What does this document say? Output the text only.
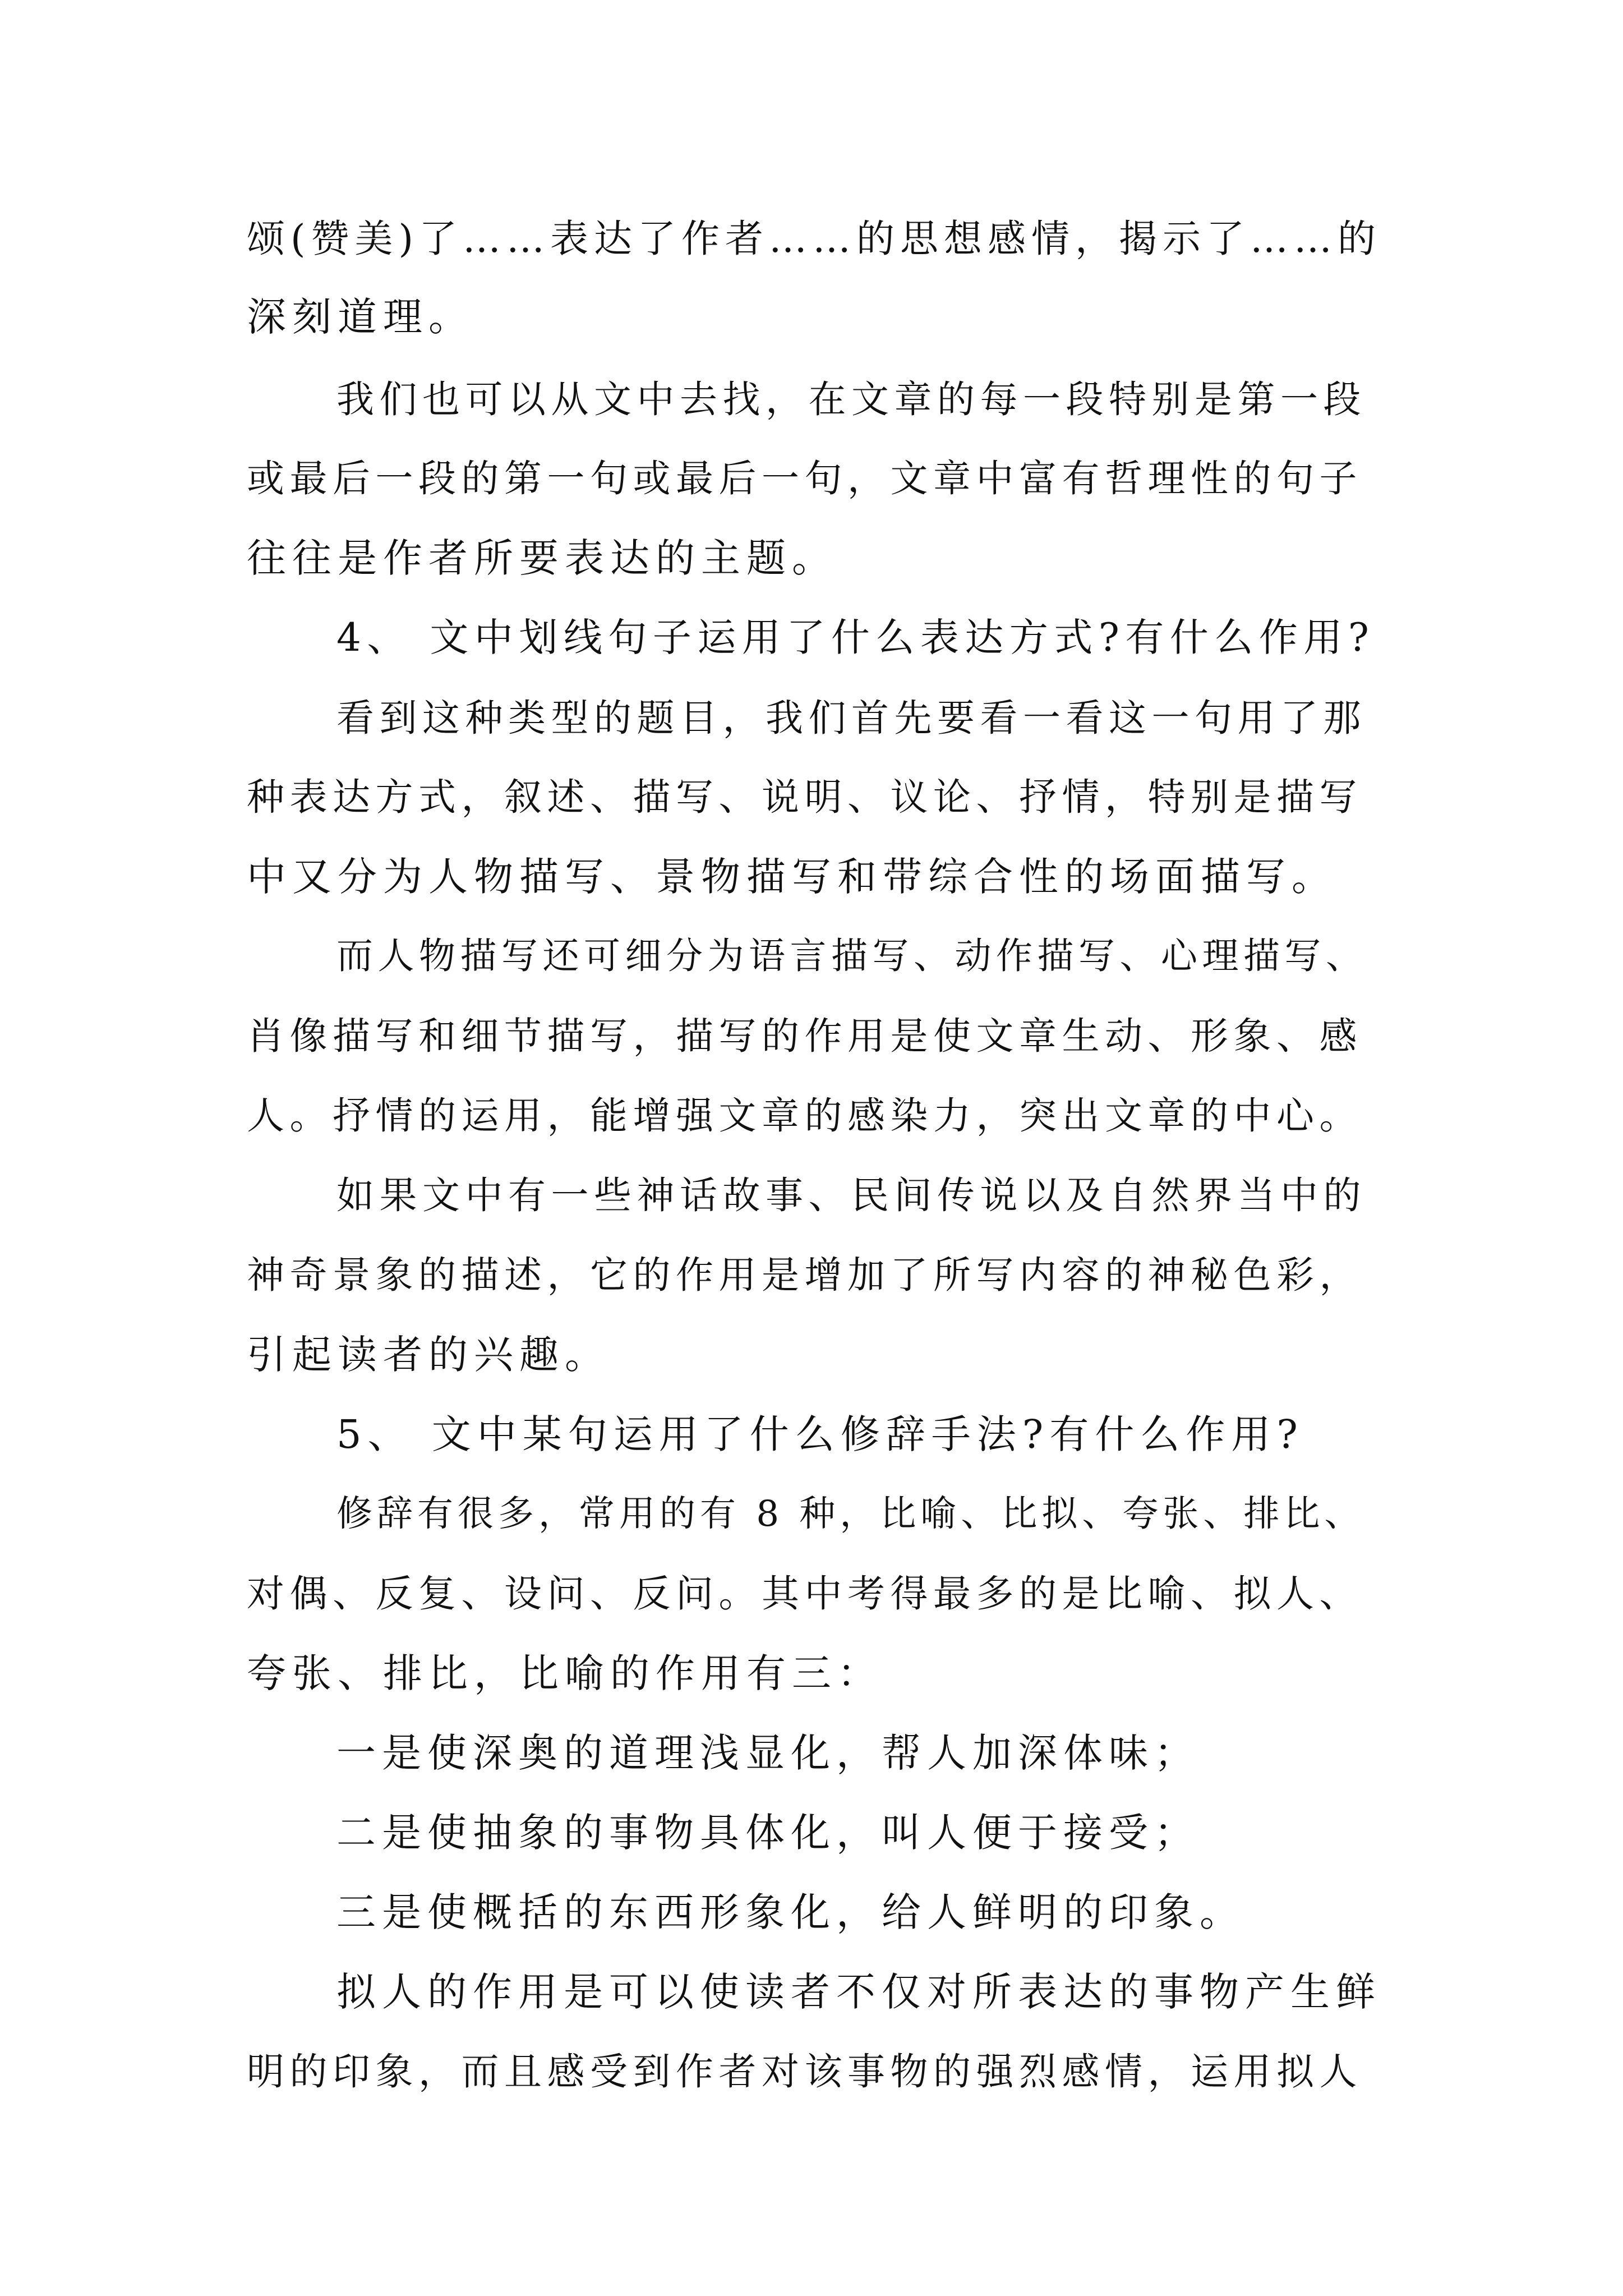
颂(赞美)了……表达了作者……的思想感情，揭示了……的
深刻道理。
我们也可以从文中去找，在文章的每一段特别是第一段
或最后一段的第一句或最后一句，文章中富有哲理性的句子
往往是作者所要表达的主题。
4、 文中划线句子运用了什么表达方式?有什么作用?
看到这种类型的题目，我们首先要看一看这一句用了那
种表达方式，叙述、描写、说明、议论、抒情，特别是描写
中又分为人物描写、景物描写和带综合性的场面描写。
而人物描写还可细分为语言描写、动作描写、心理描写、
肖像描写和细节描写，描写的作用是使文章生动、形象、感
人。抒情的运用，能增强文章的感染力，突出文章的中心。
如果文中有一些神话故事、民间传说以及自然界当中的
神奇景象的描述，它的作用是增加了所写内容的神秘色彩，
引起读者的兴趣。
5、 文中某句运用了什么修辞手法?有什么作用?
修辞有很多，常用的有 8 种，比喻、比拟、夸张、排比、
对偶、反复、设问、反问。其中考得最多的是比喻、拟人、
夸张、排比，比喻的作用有三：
一是使深奥的道理浅显化，帮人加深体味；
二是使抽象的事物具体化，叫人便于接受；
三是使概括的东西形象化，给人鲜明的印象。
拟人的作用是可以使读者不仅对所表达的事物产生鲜
明的印象，而且感受到作者对该事物的强烈感情，运用拟人
